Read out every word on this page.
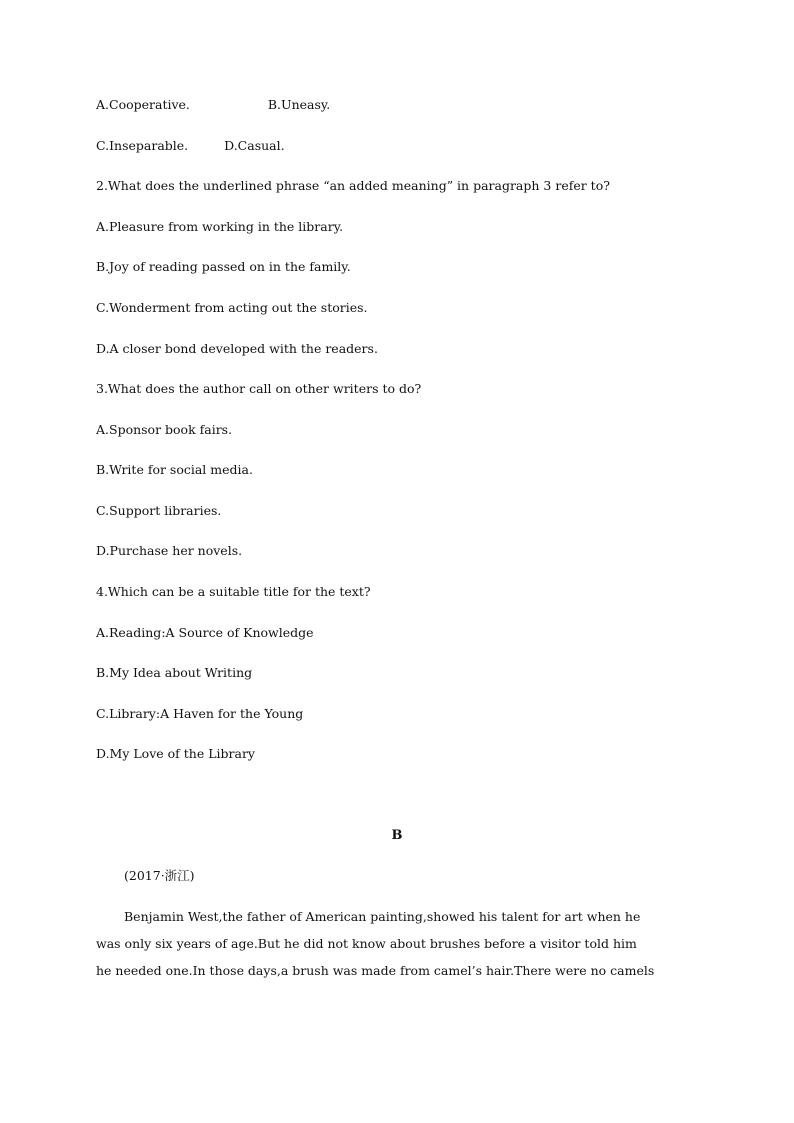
A.Cooperative.	B.Uneasy.
C.Inseparable.	D.Casual.
2.What does the underlined phrase “an added meaning” in paragraph 3 refer to?
A.Pleasure from working in the library.
B.Joy of reading passed on in the family.
C.Wonderment from acting out the stories.
D.A closer bond developed with the readers.
3.What does the author call on other writers to do?
A.Sponsor book fairs.
B.Write for social media.
C.Support libraries.
D.Purchase her novels.
4.Which can be a suitable title for the text?
A.Reading:A Source of Knowledge
B.My Idea about Writing
C.Library:A Haven for the Young
D.My Love of the Library
B
(2017·浙江)
Benjamin West,the father of American painting,showed his talent for art when he
was only six years of age.But he did not know about brushes before a visitor told him
he needed one.In those days,a brush was made from camel’s hair.There were no camels
